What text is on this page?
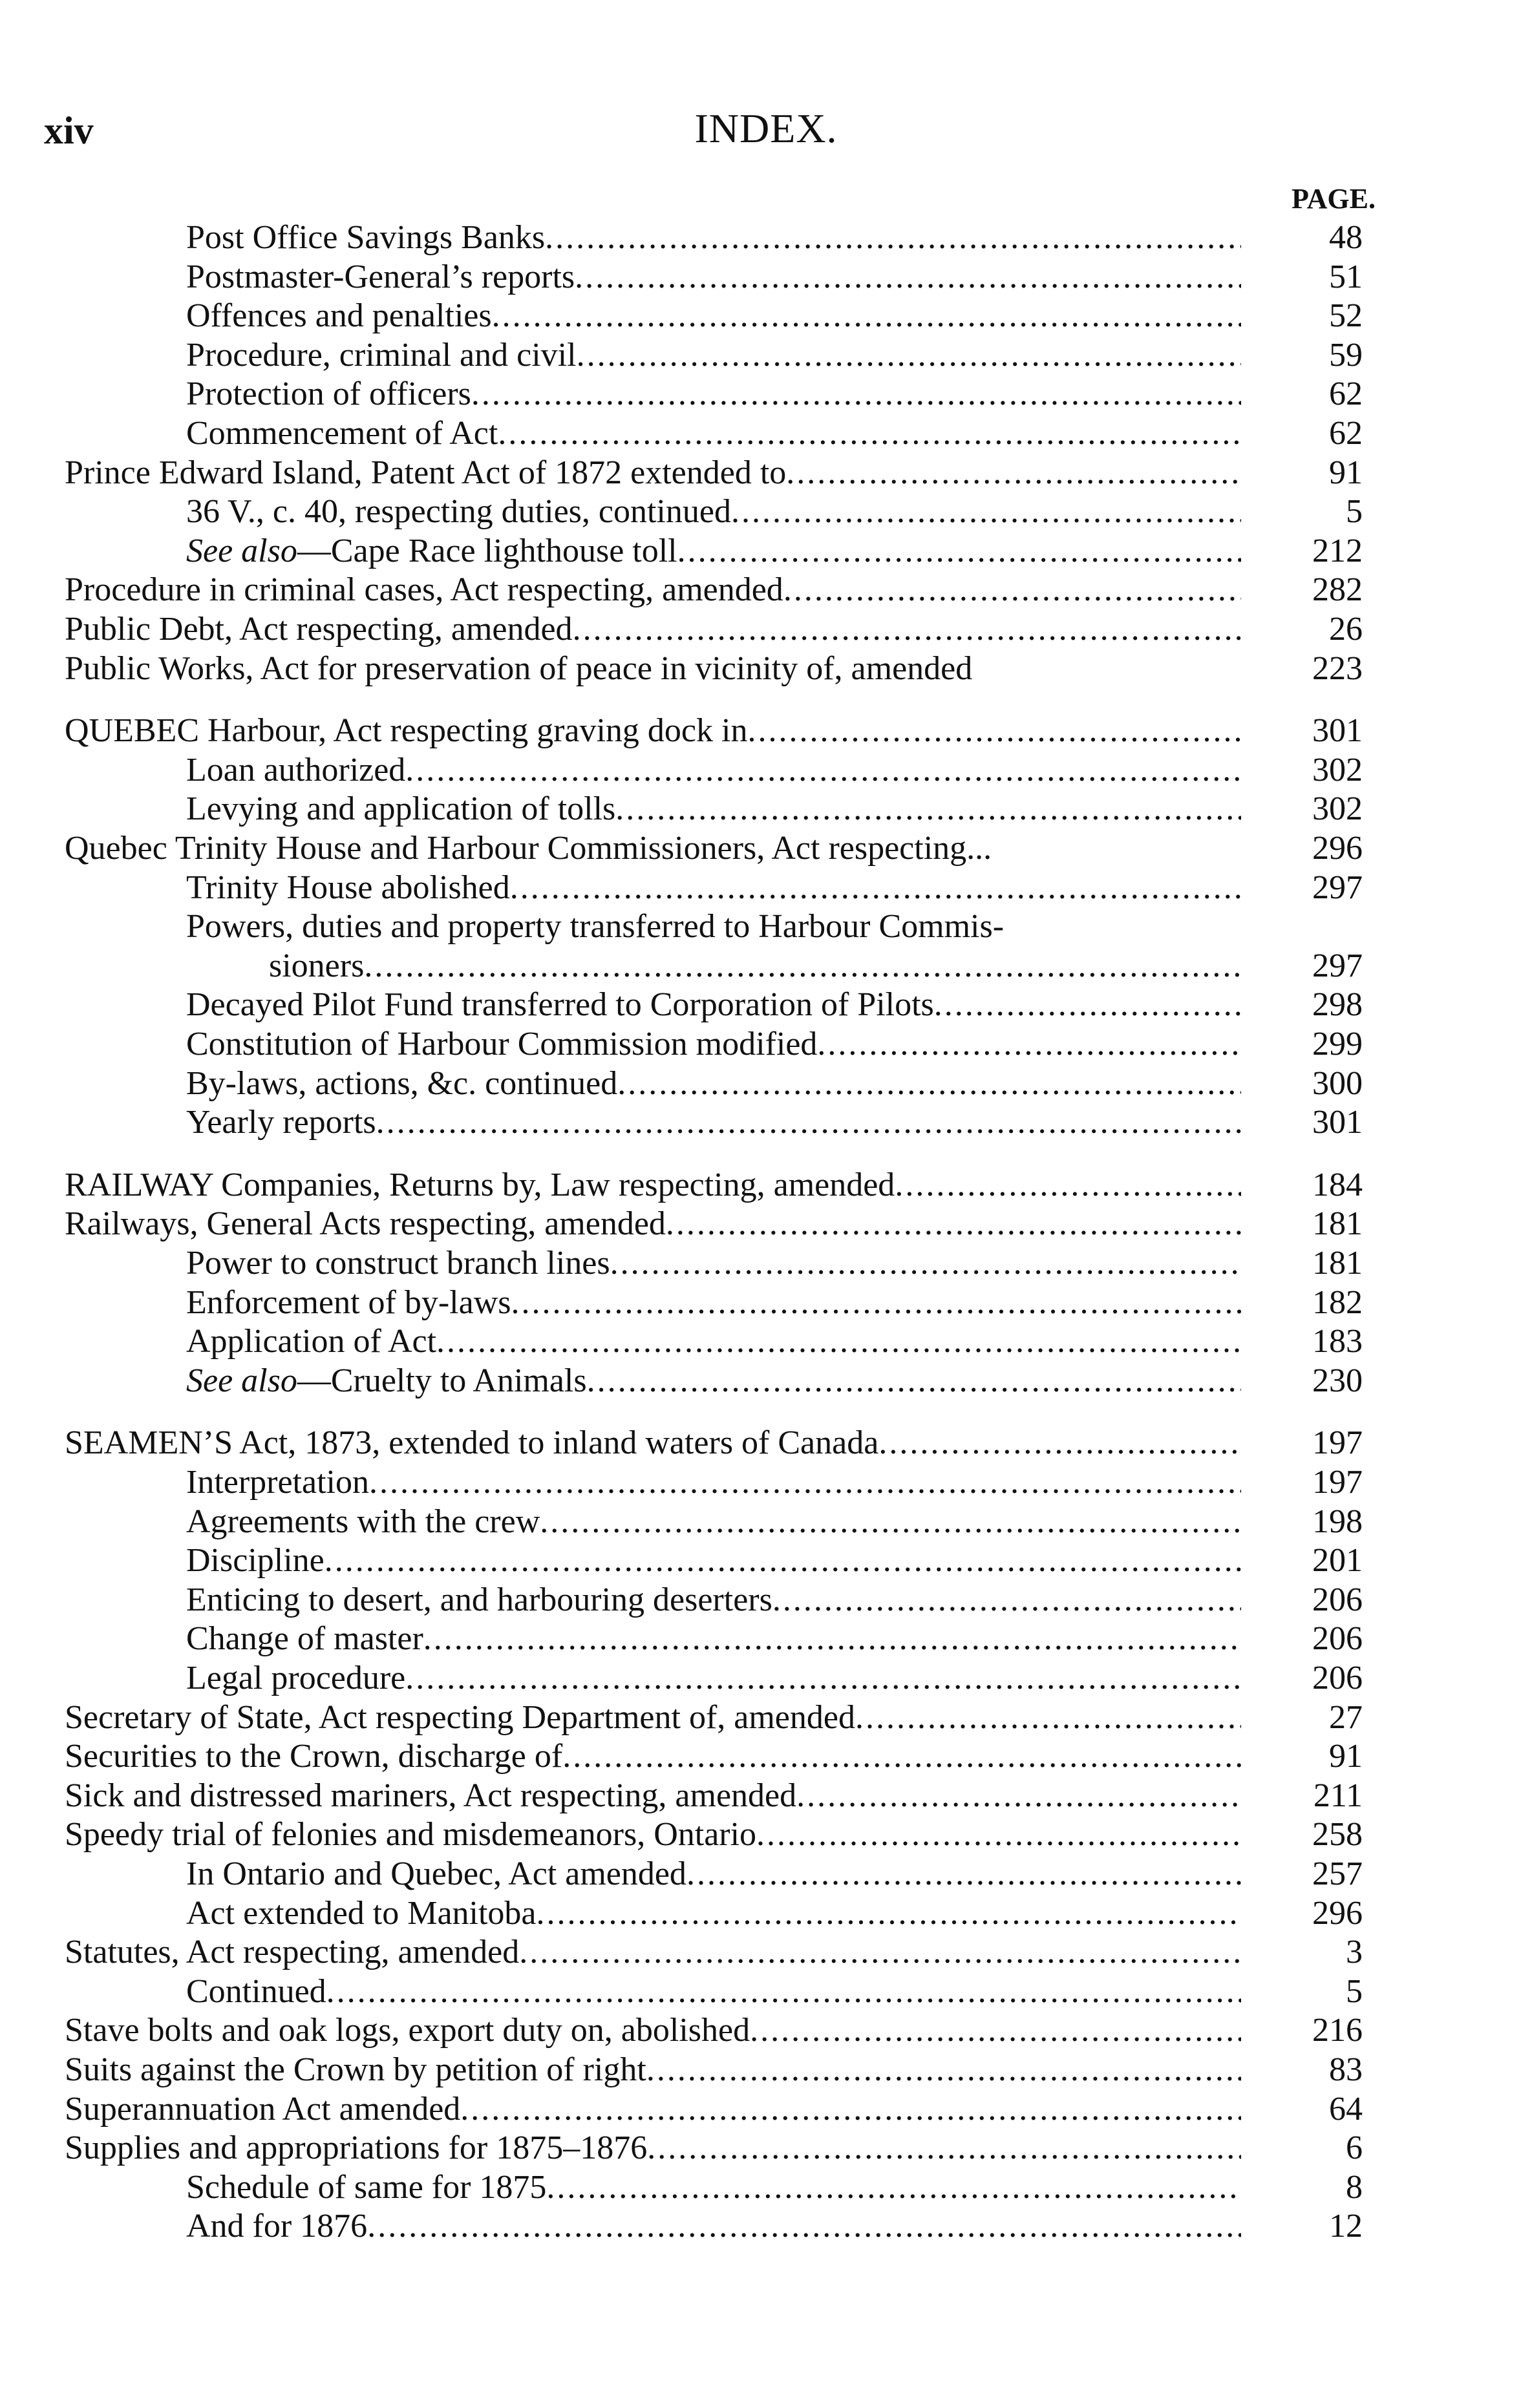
xiv	INDEX.
PAGE.
Post Office Savings Banks .....	48
Postmaster-General’s reports .....	51
Offences and penalties .....	52
Procedure, criminal and civil .....	59
Protection of officers .....	62
Commencement of Act .....	62
Prince Edward Island, Patent Act of 1872 extended to .....	91
36 V., c. 40, respecting duties, continued .....	5
See also—Cape Race lighthouse toll .....	212
Procedure in criminal cases, Act respecting, amended .....	282
Public Debt, Act respecting, amended .....	26
Public Works, Act for preservation of peace in vicinity of, amended	223
QUEBEC Harbour, Act respecting graving dock in .....	301
Loan authorized .....	302
Levying and application of tolls .....	302
Quebec Trinity House and Harbour Commissioners, Act respecting...	296
Trinity House abolished .....	297
Powers, duties and property transferred to Harbour Commis-
sioners .....	297
Decayed Pilot Fund transferred to Corporation of Pilots .....	298
Constitution of Harbour Commission modified .....	299
By-laws, actions, &c. continued .....	300
Yearly reports .....	301
RAILWAY Companies, Returns by, Law respecting, amended .....	184
Railways, General Acts respecting, amended .....	181
Power to construct branch lines .....	181
Enforcement of by-laws .....	182
Application of Act .....	183
See also—Cruelty to Animals .....	230
SEAMEN’S Act, 1873, extended to inland waters of Canada .....	197
Interpretation .....	197
Agreements with the crew .....	198
Discipline .....	201
Enticing to desert, and harbouring deserters .....	206
Change of master .....	206
Legal procedure .....	206
Secretary of State, Act respecting Department of, amended .....	27
Securities to the Crown, discharge of .....	91
Sick and distressed mariners, Act respecting, amended .....	211
Speedy trial of felonies and misdemeanors, Ontario .....	258
In Ontario and Quebec, Act amended .....	257
Act extended to Manitoba .....	296
Statutes, Act respecting, amended .....	3
Continued .....	5
Stave bolts and oak logs, export duty on, abolished .....	216
Suits against the Crown by petition of right .....	83
Superannuation Act amended .....	64
Supplies and appropriations for 1875–1876 .....	6
Schedule of same for 1875 .....	8
And for 1876 .....	12
